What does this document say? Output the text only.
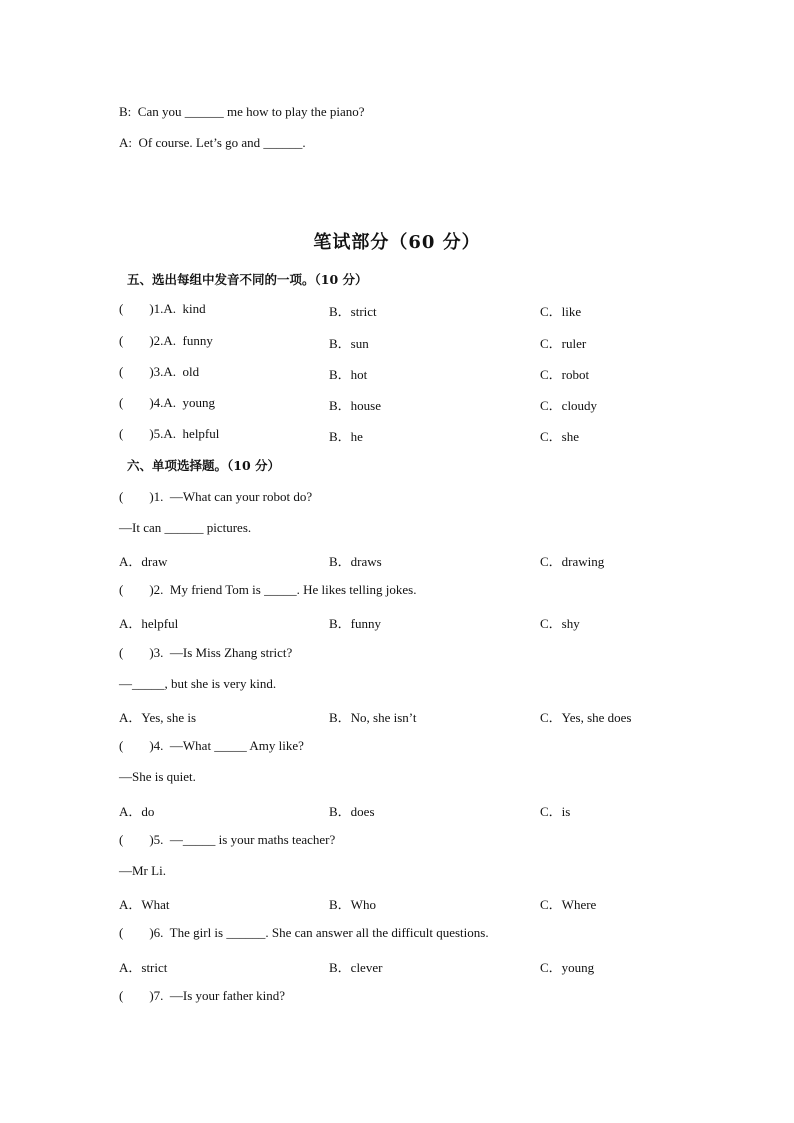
B:  Can you ______ me how to play the piano?
A:  Of course. Let’s go and ______.
笔试部分（60 分）
五、选出每组中发音不同的一项。（10 分）
(        )1.A.  kind	B．strict	C．like
(        )2.A.  funny	B．sun	C．ruler
(        )3.A.  old	B．hot	C．robot
(        )4.A.  young	B．house	C．cloudy
(        )5.A.  helpful	B．he	C．she
六、单项选择题。（10 分）
(        )1.  —What can your robot do?
—It can ______ pictures.
A．draw	B．draws	C．drawing
(        )2.  My friend Tom is _____. He likes telling jokes.
A．helpful	B．funny	C．shy
(        )3.  —Is Miss Zhang strict?
—_____, but she is very kind.
A．Yes, she is	B．No, she isn’t	C．Yes, she does
(        )4.  —What _____ Amy like?
—She is quiet.
A．do	B．does	C．is
(        )5.  —_____ is your maths teacher?
—Mr Li.
A．What	B．Who	C．Where
(        )6.  The girl is ______. She can answer all the difficult questions.
A．strict	B．clever	C．young
(        )7.  —Is your father kind?
